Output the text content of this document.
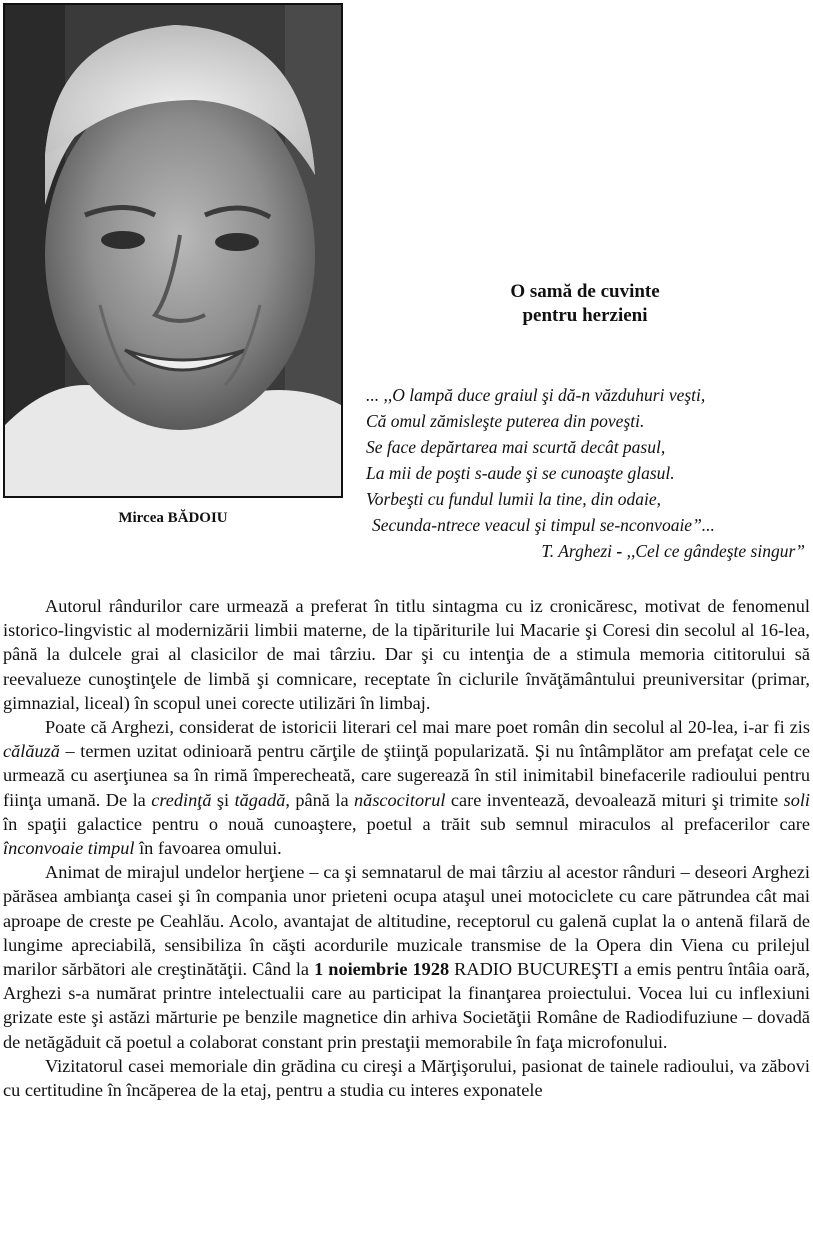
Mircea BĂDOIU
O samă de cuvinte
pentru herzieni
... ,,O lampă duce graiul şi dă-n văzduhuri veşti,
Că omul zămisleşte puterea din poveşti.
Se face depărtarea mai scurtă decât pasul,
La mii de poşti s-aude şi se cunoaşte glasul.
Vorbeşti cu fundul lumii la tine, din odaie,
Secunda-ntrece veacul şi timpul se-nconvoaie”...
T. Arghezi - ,,Cel ce gândeşte singur”

Autorul rândurilor care urmează a preferat în titlu sintagma cu iz cronicăresc, motivat de fenomenul istorico-lingvistic al modernizării limbii materne, de la tipăriturile lui Macarie şi Coresi din secolul al 16-lea, până la dulcele grai al clasicilor de mai târziu. Dar şi cu intenţia de a stimula memoria cititorului să reevalueze cunoştinţele de limbă şi comnicare, receptate în ciclurile învăţământului preuniversitar (primar, gimnazial, liceal) în scopul unei corecte utilizări în limbaj.

Poate că Arghezi, considerat de istoricii literari cel mai mare poet român din secolul al 20-lea, i-ar fi zis călăuză – termen uzitat odinioară pentru cărţile de ştiinţă popularizată. Şi nu întâmplător am prefaţat cele ce urmează cu aserţiunea sa în rimă împerecheată, care sugerează în stil inimitabil binefacerile radioului pentru fiinţa umană. De la credinţă şi tăgadă, până la născocitorul care inventează, devoalează mituri şi trimite soli în spaţii galactice pentru o nouă cunoaştere, poetul a trăit sub semnul miraculos al prefacerilor care înconvoaie timpul în favoarea omului.

Animat de mirajul undelor herţiene – ca şi semnatarul de mai târziu al acestor rânduri – deseori Arghezi părăsea ambianţa casei şi în compania unor prieteni ocupa ataşul unei motociclete cu care pătrundea cât mai aproape de creste pe Ceahlău. Acolo, avantajat de altitudine, receptorul cu galenă cuplat la o antenă filară de lungime apreciabilă, sensibiliza în căşti acordurile muzicale transmise de la Opera din Viena cu prilejul marilor sărbători ale creştinătăţii. Când la 1 noiembrie 1928 RADIO BUCUREŞTI a emis pentru întâia oară, Arghezi s-a numărat printre intelectualii care au participat la finanţarea proiectului. Vocea lui cu inflexiuni grizate este şi astăzi mărturie pe benzile magnetice din arhiva Societăţii Române de Radiodifuziune – dovadă de netăgăduit că poetul a colaborat constant prin prestaţii memorabile în faţa microfonului.

Vizitatorul casei memoriale din grădina cu cireşi a Mărţişorului, pasionat de tainele radioului, va zăbovi cu certitudine în încăperea de la etaj, pentru a studia cu interes exponatele
